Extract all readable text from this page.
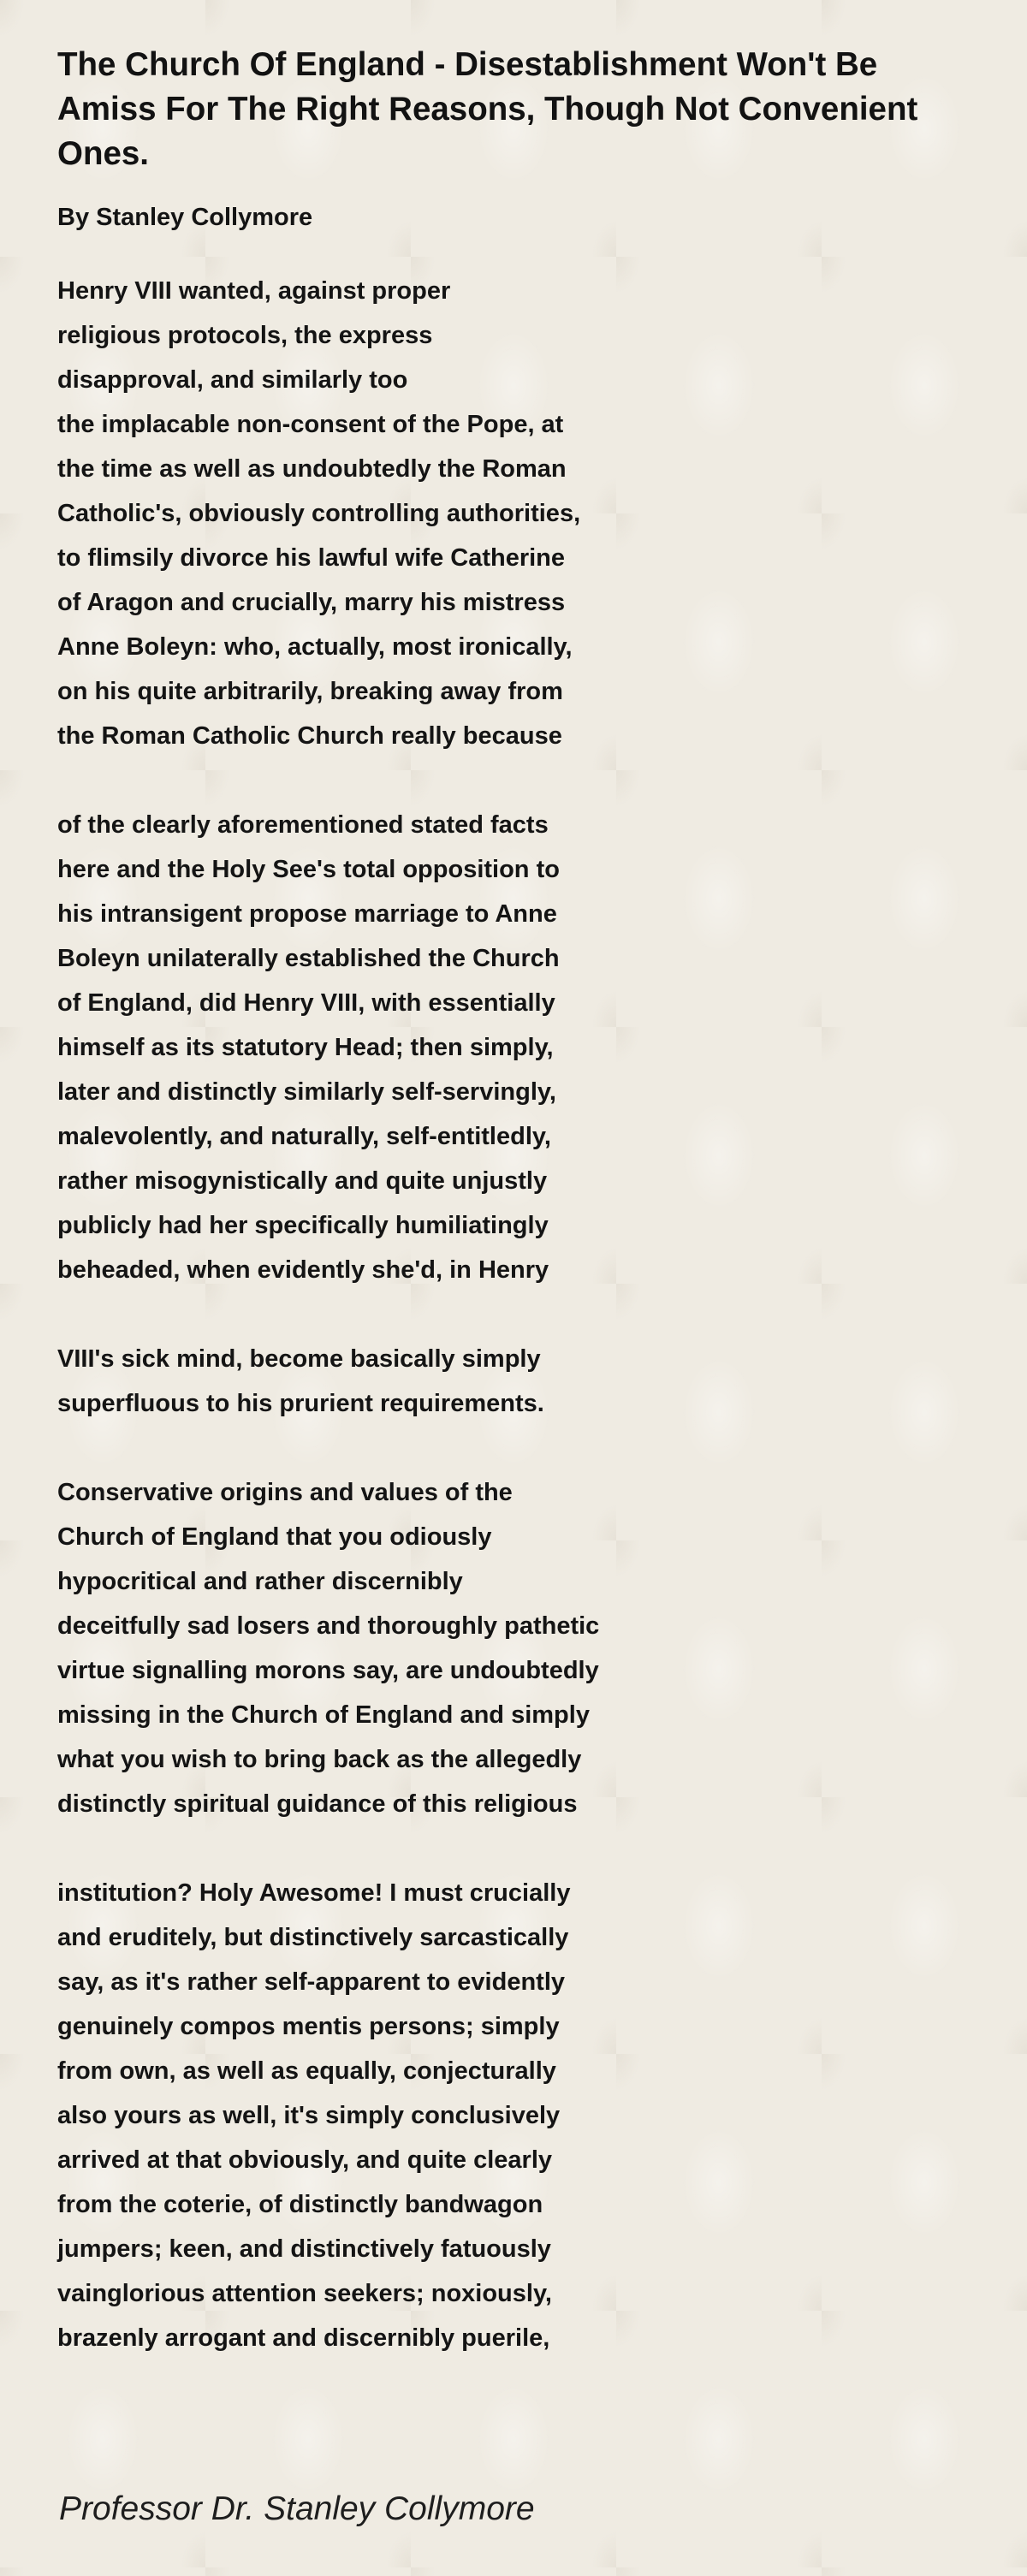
The Church Of England - Disestablishment Won't Be Amiss For The Right Reasons, Though Not Convenient Ones.
By Stanley Collymore
Henry VIII wanted, against proper
religious protocols, the express
disapproval, and similarly too
the implacable non-consent of the Pope, at
the time as well as undoubtedly the Roman
Catholic's, obviously controlling authorities,
to flimsily divorce his lawful wife Catherine
of Aragon and crucially, marry his mistress
Anne Boleyn: who, actually, most ironically,
on his quite arbitrarily, breaking away from
the Roman Catholic Church really because
of the clearly aforementioned stated facts
here and the Holy See's total opposition to
his intransigent propose marriage to Anne
Boleyn unilaterally established the Church
of England, did Henry VIII, with essentially
himself as its statutory Head; then simply,
later and distinctly similarly self-servingly,
malevolently, and naturally, self-entitledly,
rather misogynistically and quite unjustly
publicly had her specifically humiliatingly
beheaded, when evidently she'd, in Henry
VIII's sick mind, become basically simply
superfluous to his prurient requirements.
Conservative origins and values of the
Church of England that you odiously
hypocritical and rather discernibly
deceitfully sad losers and thoroughly pathetic
virtue signalling morons say, are undoubtedly
missing in the Church of England and simply
what you wish to bring back as the allegedly
distinctly spiritual guidance of this religious
institution? Holy Awesome! I must crucially
and eruditely, but distinctively sarcastically
say, as it's rather self-apparent to evidently
genuinely compos mentis persons; simply
from own, as well as equally, conjecturally
also yours as well, it's simply conclusively
arrived at that obviously, and quite clearly
from the coterie, of distinctly bandwagon
jumpers; keen, and distinctively fatuously
vainglorious attention seekers; noxiously,
brazenly arrogant and discernibly puerile,
Professor Dr. Stanley Collymore
